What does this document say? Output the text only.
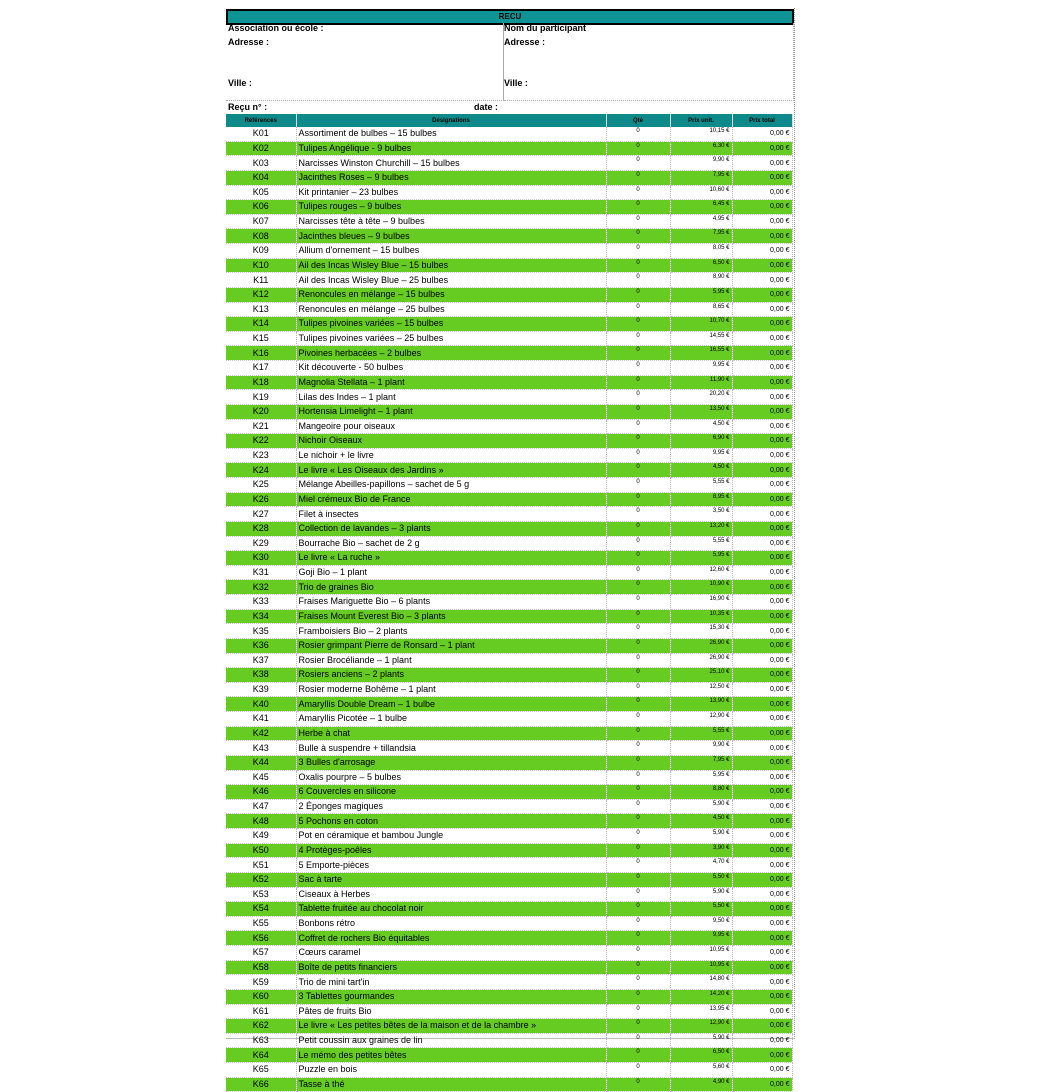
RECU
Association ou école :
Adresse :
Ville :
Nom du participant
Adresse :
Ville :
Reçu n° :	date :
Références	Désignations	Qté	Prix unit.	Prix total
K01	Assortiment de bulbes – 15 bulbes	0	10,15 €	0,00 €
K02	Tulipes Angélique - 9 bulbes	0	6,30 €	0,00 €
K03	Narcisses Winston Churchill – 15 bulbes	0	9,90 €	0,00 €
K04	Jacinthes Roses – 9 bulbes	0	7,95 €	0,00 €
K05	Kit printanier – 23 bulbes	0	10,60 €	0,00 €
K06	Tulipes rouges – 9 bulbes	0	6,45 €	0,00 €
K07	Narcisses tête à tête – 9 bulbes	0	4,95 €	0,00 €
K08	Jacinthes bleues – 9 bulbes	0	7,95 €	0,00 €
K09	Allium d'ornement – 15 bulbes	0	8,05 €	0,00 €
K10	Ail des Incas Wisley Blue – 15 bulbes	0	6,50 €	0,00 €
K11	Ail des Incas Wisley Blue – 25 bulbes	0	8,90 €	0,00 €
K12	Renoncules en mélange – 15 bulbes	0	5,95 €	0,00 €
K13	Renoncules en mélange – 25 bulbes	0	8,65 €	0,00 €
K14	Tulipes pivoines variées – 15 bulbes	0	10,70 €	0,00 €
K15	Tulipes pivoines variées – 25 bulbes	0	14,55 €	0,00 €
K16	Pivoines herbacées – 2 bulbes	0	16,55 €	0,00 €
K17	Kit découverte - 50 bulbes	0	9,95 €	0,00 €
K18	Magnolia Stellata – 1 plant	0	11,90 €	0,00 €
K19	Lilas des Indes – 1 plant	0	20,20 €	0,00 €
K20	Hortensia Limelight – 1 plant	0	13,50 €	0,00 €
K21	Mangeoire pour oiseaux	0	4,50 €	0,00 €
K22	Nichoir Oiseaux	0	6,90 €	0,00 €
K23	Le nichoir + le livre	0	9,95 €	0,00 €
K24	Le livre « Les Oiseaux des Jardins »	0	4,50 €	0,00 €
K25	Mélange Abeilles-papillons – sachet de 5 g	0	5,55 €	0,00 €
K26	Miel crémeux Bio de France	0	8,95 €	0,00 €
K27	Filet à insectes	0	3,50 €	0,00 €
K28	Collection de lavandes – 3 plants	0	13,20 €	0,00 €
K29	Bourrache Bio – sachet de 2 g	0	5,55 €	0,00 €
K30	Le livre « La ruche »	0	5,95 €	0,00 €
K31	Goji Bio – 1 plant	0	12,60 €	0,00 €
K32	Trio de graines Bio	0	10,90 €	0,00 €
K33	Fraises Mariguette Bio – 6 plants	0	16,90 €	0,00 €
K34	Fraises Mount Everest Bio – 3 plants	0	10,35 €	0,00 €
K35	Framboisiers Bio – 2 plants	0	15,30 €	0,00 €
K36	Rosier grimpant Pierre de Ronsard – 1 plant	0	26,90 €	0,00 €
K37	Rosier Brocéliande – 1 plant	0	26,90 €	0,00 €
K38	Rosiers anciens – 2 plants	0	25,10 €	0,00 €
K39	Rosier moderne Bohême – 1 plant	0	12,50 €	0,00 €
K40	Amaryllis Double Dream – 1 bulbe	0	13,90 €	0,00 €
K41	Amaryllis Picotée – 1 bulbe	0	12,90 €	0,00 €
K42	Herbe à chat	0	5,55 €	0,00 €
K43	Bulle à suspendre + tillandsia	0	9,90 €	0,00 €
K44	3 Bulles d'arrosage	0	7,95 €	0,00 €
K45	Oxalis pourpre – 5 bulbes	0	5,95 €	0,00 €
K46	6 Couvercles en silicone	0	8,80 €	0,00 €
K47	2 Éponges magiques	0	5,90 €	0,00 €
K48	5 Pochons en coton	0	4,50 €	0,00 €
K49	Pot en céramique et bambou Jungle	0	5,90 €	0,00 €
K50	4 Protèges-poêles	0	3,90 €	0,00 €
K51	5 Emporte-pièces	0	4,70 €	0,00 €
K52	Sac à tarte	0	5,50 €	0,00 €
K53	Ciseaux à Herbes	0	5,90 €	0,00 €
K54	Tablette fruitée au chocolat noir	0	5,50 €	0,00 €
K55	Bonbons rétro	0	9,50 €	0,00 €
K56	Coffret de rochers Bio équitables	0	9,95 €	0,00 €
K57	Cœurs caramel	0	10,95 €	0,00 €
K58	Boîte de petits financiers	0	10,95 €	0,00 €
K59	Trio de mini tart'in	0	14,80 €	0,00 €
K60	3 Tablettes gourmandes	0	14,20 €	0,00 €
K61	Pâtes de fruits Bio	0	13,95 €	0,00 €
K62	Le livre « Les petites bêtes de la maison et de la chambre »	0	12,90 €	0,00 €
K63	Petit coussin aux graines de lin	0	5,90 €	0,00 €
K64	Le mémo des petites bêtes	0	6,50 €	0,00 €
K65	Puzzle en bois	0	5,60 €	0,00 €
K66	Tasse à thé	0	4,90 €	0,00 €
